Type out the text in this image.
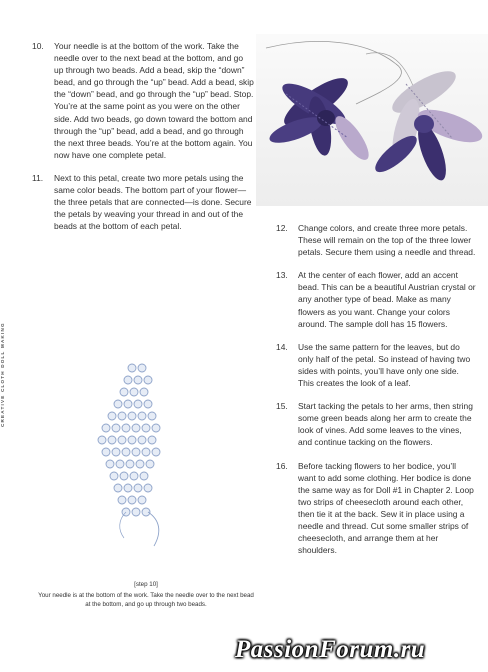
CREATIVE CLOTH DOLL MAKING
10.	Your needle is at the bottom of the work. Take the needle over to the next bead at the bottom, and go up through two beads. Add a bead, skip the “down” bead, and go through the “up” bead. Add a bead, skip the “down” bead, and go through the “up” bead. Stop. You’re at the same point as you were on the other side. Add two beads, go down toward the bottom and through the “up” bead, add a bead, and go through the next three beads. You’re at the bottom again. You now have one complete petal.
11.	Next to this petal, create two more petals using the same color beads. The bottom part of your flower—the three petals that are connected—is done. Secure the petals by weaving your thread in and out of the beads at the bottom of each petal.
[step 10]
Your needle is at the bottom of the work. Take the needle over to the next bead at the bottom, and go up through two beads.
12.	Change colors, and create three more petals. These will remain on the top of the three lower petals. Secure them using a needle and thread.
13.	At the center of each flower, add an accent bead. This can be a beautiful Austrian crystal or any another type of bead. Make as many flowers as you want. Change your colors around. The sample doll has 15 flowers.
14.	Use the same pattern for the leaves, but do only half of the petal. So instead of having two sides with points, you’ll have only one side. This creates the look of a leaf.
15.	Start tacking the petals to her arms, then string some green beads along her arm to create the look of vines. Add some leaves to the vines, and continue tacking on the flowers.
16.	Before tacking flowers to her bodice, you’ll want to add some clothing. Her bodice is done the same way as for Doll #1 in Chapter 2. Loop two strips of cheesecloth around each other, then tie it at the back. Sew it in place using a needle and thread. Cut some smaller strips of cheesecloth, and arrange them at her shoulders.
PassionForum.ru
